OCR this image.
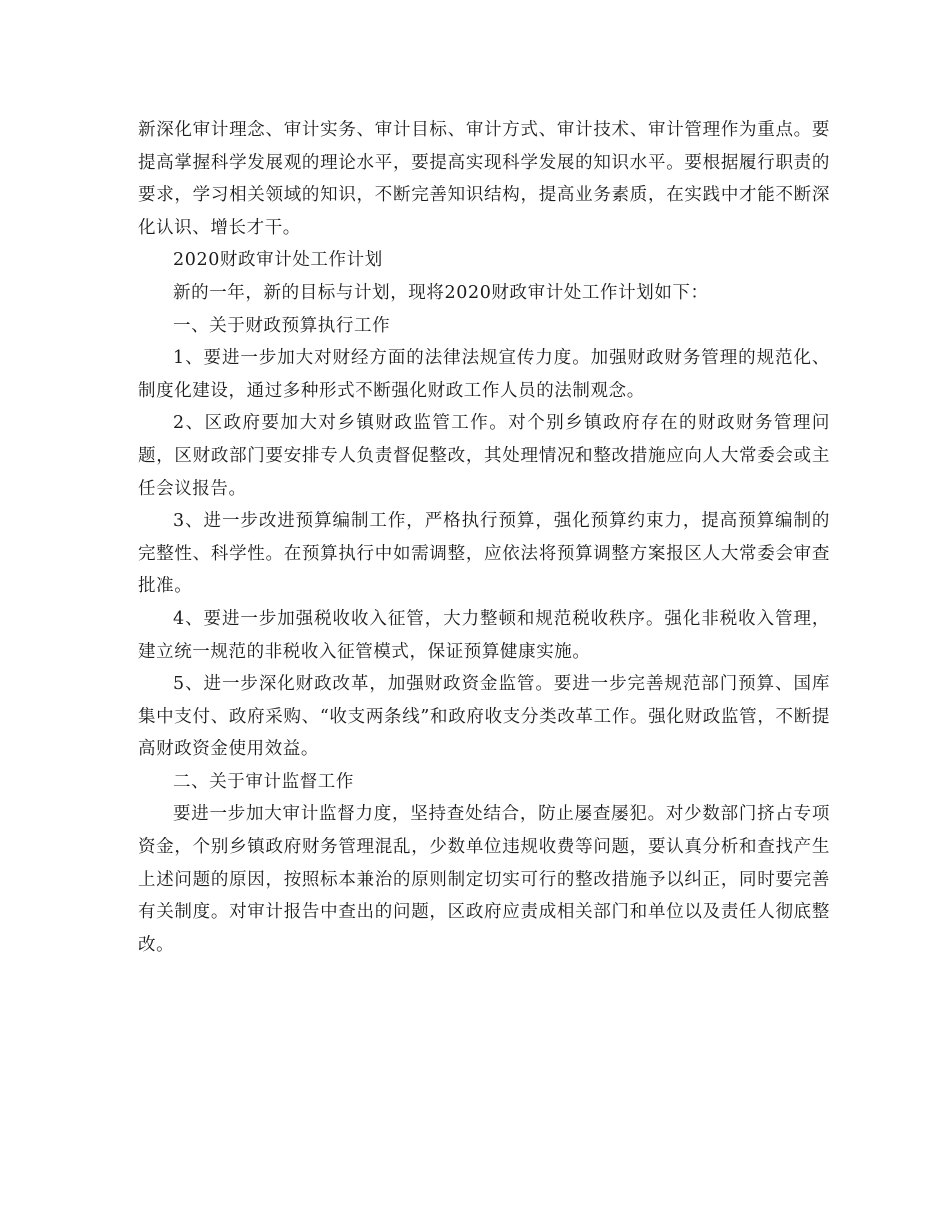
新深化审计理念、审计实务、审计目标、审计方式、审计技术、审计管理作为重点。要提高掌握科学发展观的理论水平，要提高实现科学发展的知识水平。要根据履行职责的要求，学习相关领域的知识，不断完善知识结构，提高业务素质，在实践中才能不断深化认识、增长才干。

2020财政审计处工作计划

新的一年，新的目标与计划，现将2020财政审计处工作计划如下：

一、关于财政预算执行工作

1、要进一步加大对财经方面的法律法规宣传力度。加强财政财务管理的规范化、制度化建设，通过多种形式不断强化财政工作人员的法制观念。

2、区政府要加大对乡镇财政监管工作。对个别乡镇政府存在的财政财务管理问题，区财政部门要安排专人负责督促整改，其处理情况和整改措施应向人大常委会或主任会议报告。

3、进一步改进预算编制工作，严格执行预算，强化预算约束力，提高预算编制的完整性、科学性。在预算执行中如需调整，应依法将预算调整方案报区人大常委会审查批准。

4、要进一步加强税收收入征管，大力整顿和规范税收秩序。强化非税收入管理，建立统一规范的非税收入征管模式，保证预算健康实施。

5、进一步深化财政改革，加强财政资金监管。要进一步完善规范部门预算、国库集中支付、政府采购、“收支两条线”和政府收支分类改革工作。强化财政监管，不断提高财政资金使用效益。

二、关于审计监督工作

要进一步加大审计监督力度，坚持查处结合，防止屡查屡犯。对少数部门挤占专项资金，个别乡镇政府财务管理混乱，少数单位违规收费等问题，要认真分析和查找产生上述问题的原因，按照标本兼治的原则制定切实可行的整改措施予以纠正，同时要完善有关制度。对审计报告中查出的问题，区政府应责成相关部门和单位以及责任人彻底整改。
